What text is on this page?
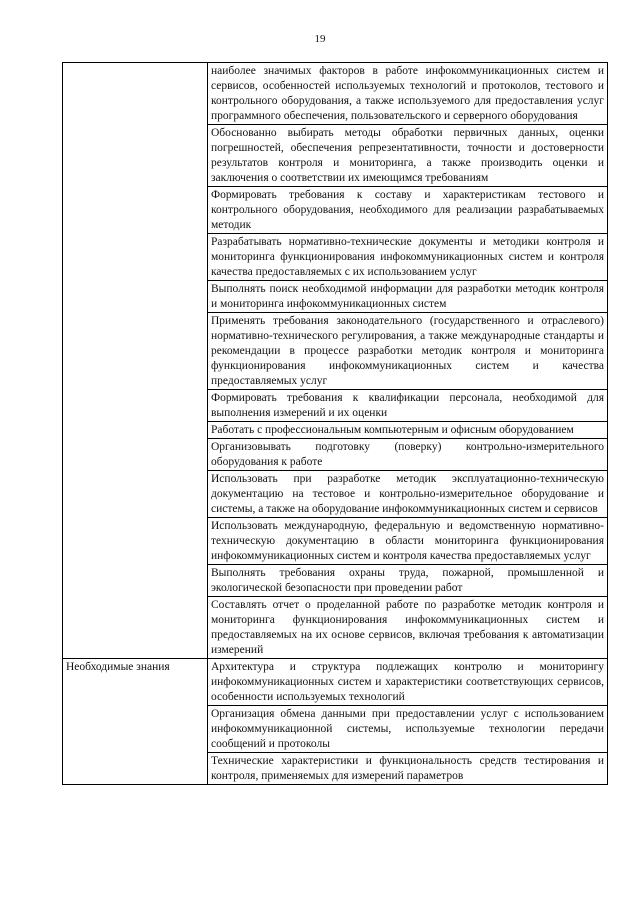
19
	наиболее значимых факторов в работе инфокоммуникационных систем и сервисов, особенностей используемых технологий и протоколов, тестового и контрольного оборудования, а также используемого для предоставления услуг программного обеспечения, пользовательского и серверного оборудования
	Обоснованно выбирать методы обработки первичных данных, оценки погрешностей, обеспечения репрезентативности, точности и достоверности результатов контроля и мониторинга, а также производить оценки и заключения о соответствии их имеющимся требованиям
	Формировать требования к составу и характеристикам тестового и контрольного оборудования, необходимого для реализации разрабатываемых методик
	Разрабатывать нормативно-технические документы и методики контроля и мониторинга функционирования инфокоммуникационных систем и контроля качества предоставляемых с их использованием услуг
	Выполнять поиск необходимой информации для разработки методик контроля и мониторинга инфокоммуникационных систем
	Применять требования законодательного (государственного и отраслевого) нормативно-технического регулирования, а также международные стандарты и рекомендации в процессе разработки методик контроля и мониторинга функционирования инфокоммуникационных систем и качества предоставляемых услуг
	Формировать требования к квалификации персонала, необходимой для выполнения измерений и их оценки
	Работать с профессиональным компьютерным и офисным оборудованием
	Организовывать подготовку (поверку) контрольно-измерительного оборудования к работе
	Использовать при разработке методик эксплуатационно-техническую документацию на тестовое и контрольно-измерительное оборудование и системы, а также на оборудование инфокоммуникационных систем и сервисов
	Использовать международную, федеральную и ведомственную нормативно-техническую документацию в области мониторинга функционирования инфокоммуникационных систем и контроля качества предоставляемых услуг
	Выполнять требования охраны труда, пожарной, промышленной и экологической безопасности при проведении работ
	Составлять отчет о проделанной работе по разработке методик контроля и мониторинга функционирования инфокоммуникационных систем и предоставляемых на их основе сервисов, включая требования к автоматизации измерений
Необходимые знания	Архитектура и структура подлежащих контролю и мониторингу инфокоммуникационных систем и характеристики соответствующих сервисов, особенности используемых технологий
	Организация обмена данными при предоставлении услуг с использованием инфокоммуникационной системы, используемые технологии передачи сообщений и протоколы
	Технические характеристики и функциональность средств тестирования и контроля, применяемых для измерений параметров
